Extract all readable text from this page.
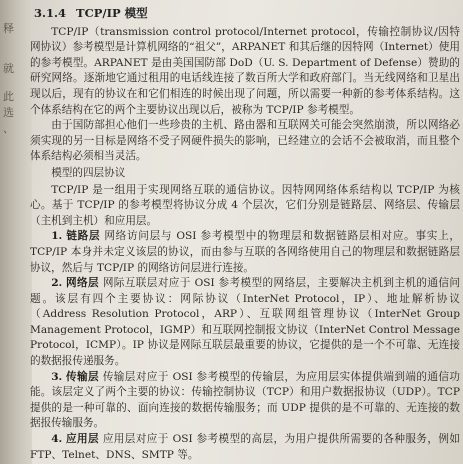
释
就
此
选
、
3.1.4 TCP/IP 模型

TCP/IP（transmission control protocol/Internet protocol，传输控制协议/因特网协议）参考模型是计算机网络的“祖父”，ARPANET 和其后继的因特网（Internet）使用的参考模型。ARPANET 是由美国国防部 DoD（U. S. Department of Defense）赞助的研究网络。逐渐地它通过租用的电话线连接了数百所大学和政府部门。当无线网络和卫星出现以后，现有的协议在和它们相连的时候出现了问题，所以需要一种新的参考体系结构。这个体系结构在它的两个主要协议出现以后，被称为 TCP/IP 参考模型。

由于国防部担心他们一些珍贵的主机、路由器和互联网关可能会突然崩溃，所以网络必须实现的另一目标是网络不受子网硬件损失的影响，已经建立的会话不会被取消，而且整个体系结构必须相当灵活。

模型的四层协议

TCP/IP 是一组用于实现网络互联的通信协议。因特网网络体系结构以 TCP/IP 为核心。基于 TCP/IP 的参考模型将协议分成 4 个层次，它们分别是链路层、网络层、传输层（主机到主机）和应用层。

1. 链路层 网络访问层与 OSI 参考模型中的物理层和数据链路层相对应。事实上，TCP/IP 本身并未定义该层的协议，而由参与互联的各网络使用自己的物理层和数据链路层协议，然后与 TCP/IP 的网络访问层进行连接。
2. 网络层 网际互联层对应于 OSI 参考模型的网络层，主要解决主机到主机的通信问题。该层有四个主要协议：网际协议（InterNet Protocol，IP）、地址解析协议（Address Resolution Protocol，ARP）、互联网组管理协议（InterNet Group Management Protocol，IGMP）和互联网控制报文协议（InterNet Control Message Protocol，ICMP）。IP 协议是网际互联层最重要的协议，它提供的是一个不可靠、无连接的数据报传递服务。
3. 传输层 传输层对应于 OSI 参考模型的传输层，为应用层实体提供端到端的通信功能。该层定义了两个主要的协议：传输控制协议（TCP）和用户数据报协议（UDP）。TCP 提供的是一种可靠的、面向连接的数据传输服务；而 UDP 提供的是不可靠的、无连接的数据报传输服务。
4. 应用层 应用层对应于 OSI 参考模型的高层，为用户提供所需要的各种服务，例如 FTP、Telnet、DNS、SMTP 等。
